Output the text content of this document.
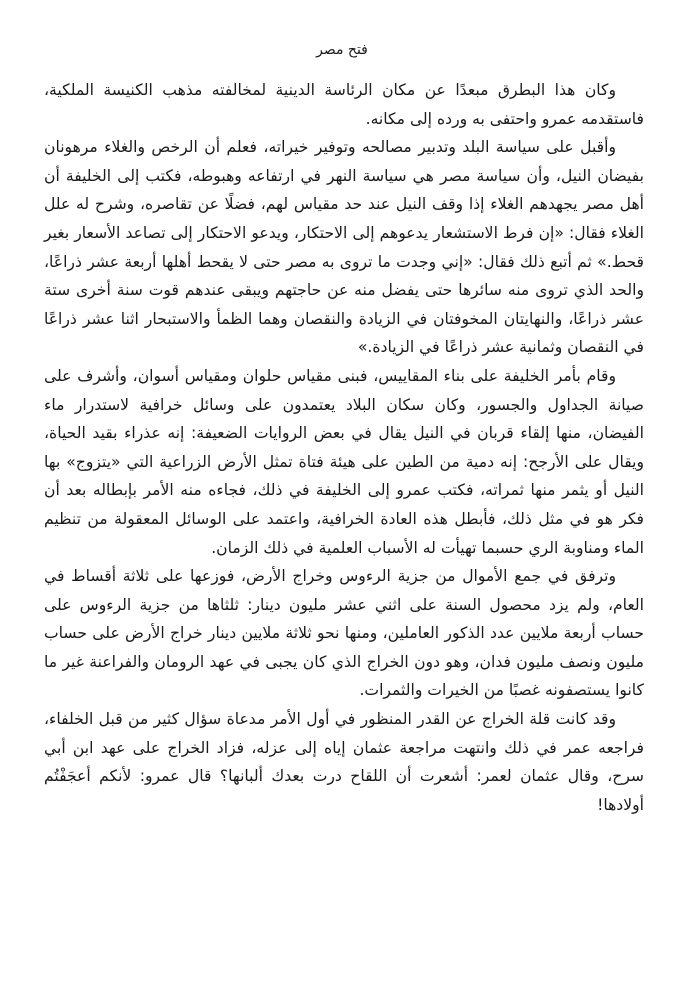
فتح مصر

وكان هذا البطرق مبعدًا عن مكان الرئاسة الدينية لمخالفته مذهب الكنيسة الملكية، فاستقدمه عمرو واحتفى به ورده إلى مكانه.

وأقبل على سياسة البلد وتدبير مصالحه وتوفير خيراته، فعلم أن الرخص والغلاء مرهونان بفيضان النيل، وأن سياسة مصر هي سياسة النهر في ارتفاعه وهبوطه، فكتب إلى الخليفة أن أهل مصر يجهدهم الغلاء إذا وقف النيل عند حد مقياس لهم، فضلًا عن تقاصره، وشرح له علل الغلاء فقال: «إن فرط الاستشعار يدعوهم إلى الاحتكار، ويدعو الاحتكار إلى تصاعد الأسعار بغير قحط.» ثم أتبع ذلك فقال: «إني وجدت ما تروى به مصر حتى لا يقحط أهلها أربعة عشر ذراعًا، والحد الذي تروى منه سائرها حتى يفضل منه عن حاجتهم ويبقى عندهم قوت سنة أخرى ستة عشر ذراعًا، والنهايتان المخوفتان في الزيادة والنقصان وهما الظمأ والاستبحار اثنا عشر ذراعًا في النقصان وثمانية عشر ذراعًا في الزيادة.»

وقام بأمر الخليفة على بناء المقاييس، فبنى مقياس حلوان ومقياس أسوان، وأشرف على صيانة الجداول والجسور، وكان سكان البلاد يعتمدون على وسائل خرافية لاستدرار ماء الفيضان، منها إلقاء قربان في النيل يقال في بعض الروايات الضعيفة: إنه عذراء بقيد الحياة، ويقال على الأرجح: إنه دمية من الطين على هيئة فتاة تمثل الأرض الزراعية التي «يتزوج» بها النيل أو يثمر منها ثمراته، فكتب عمرو إلى الخليفة في ذلك، فجاءه منه الأمر بإبطاله بعد أن فكر هو في مثل ذلك، فأبطل هذه العادة الخرافية، واعتمد على الوسائل المعقولة من تنظيم الماء ومناوبة الري حسبما تهيأت له الأسباب العلمية في ذلك الزمان.

وترفق في جمع الأموال من جزية الرءوس وخراج الأرض، فوزعها على ثلاثة أقساط في العام، ولم يزد محصول السنة على اثني عشر مليون دينار: ثلثاها من جزية الرءوس على حساب أربعة ملايين عدد الذكور العاملين، ومنها نحو ثلاثة ملايين دينار خراج الأرض على حساب مليون ونصف مليون فدان، وهو دون الخراج الذي كان يجبى في عهد الرومان والفراعنة غير ما كانوا يستصفونه غصبًا من الخيرات والثمرات.

وقد كانت قلة الخراج عن القدر المنظور في أول الأمر مدعاة سؤال كثير من قبل الخلفاء، فراجعه عمر في ذلك وانتهت مراجعة عثمان إياه إلى عزله، فزاد الخراج على عهد ابن أبي سرح، وقال عثمان لعمر: أشعرت أن اللقاح درت بعدك ألبانها؟ قال عمرو: لأنكم أعجَفْتُم أولادها!
